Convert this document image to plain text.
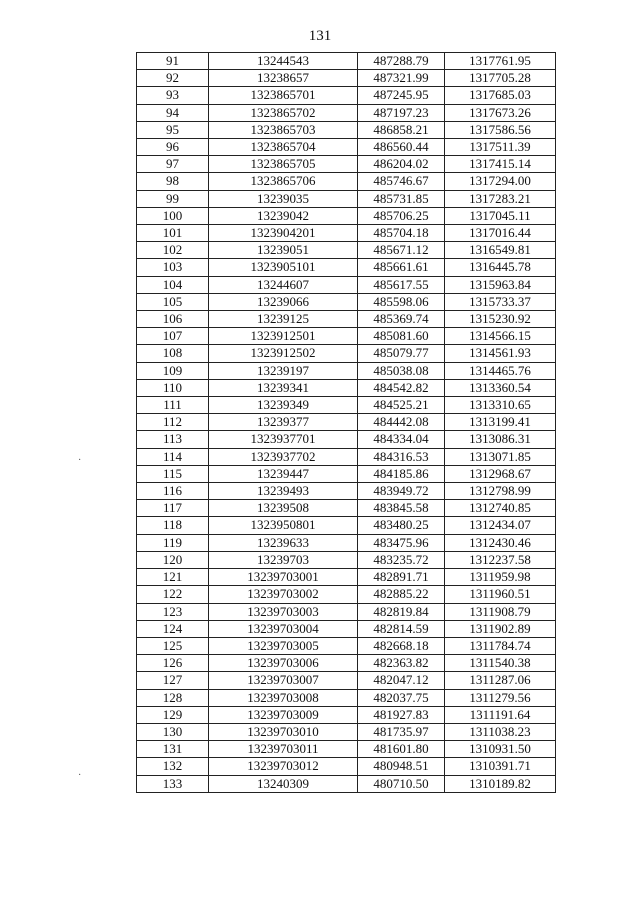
131
·
·
91	13244543	487288.79	1317761.95
92	13238657	487321.99	1317705.28
93	1323865701	487245.95	1317685.03
94	1323865702	487197.23	1317673.26
95	1323865703	486858.21	1317586.56
96	1323865704	486560.44	1317511.39
97	1323865705	486204.02	1317415.14
98	1323865706	485746.67	1317294.00
99	13239035	485731.85	1317283.21
100	13239042	485706.25	1317045.11
101	1323904201	485704.18	1317016.44
102	13239051	485671.12	1316549.81
103	1323905101	485661.61	1316445.78
104	13244607	485617.55	1315963.84
105	13239066	485598.06	1315733.37
106	13239125	485369.74	1315230.92
107	1323912501	485081.60	1314566.15
108	1323912502	485079.77	1314561.93
109	13239197	485038.08	1314465.76
110	13239341	484542.82	1313360.54
111	13239349	484525.21	1313310.65
112	13239377	484442.08	1313199.41
113	1323937701	484334.04	1313086.31
114	1323937702	484316.53	1313071.85
115	13239447	484185.86	1312968.67
116	13239493	483949.72	1312798.99
117	13239508	483845.58	1312740.85
118	1323950801	483480.25	1312434.07
119	13239633	483475.96	1312430.46
120	13239703	483235.72	1312237.58
121	13239703001	482891.71	1311959.98
122	13239703002	482885.22	1311960.51
123	13239703003	482819.84	1311908.79
124	13239703004	482814.59	1311902.89
125	13239703005	482668.18	1311784.74
126	13239703006	482363.82	1311540.38
127	13239703007	482047.12	1311287.06
128	13239703008	482037.75	1311279.56
129	13239703009	481927.83	1311191.64
130	13239703010	481735.97	1311038.23
131	13239703011	481601.80	1310931.50
132	13239703012	480948.51	1310391.71
133	13240309	480710.50	1310189.82
